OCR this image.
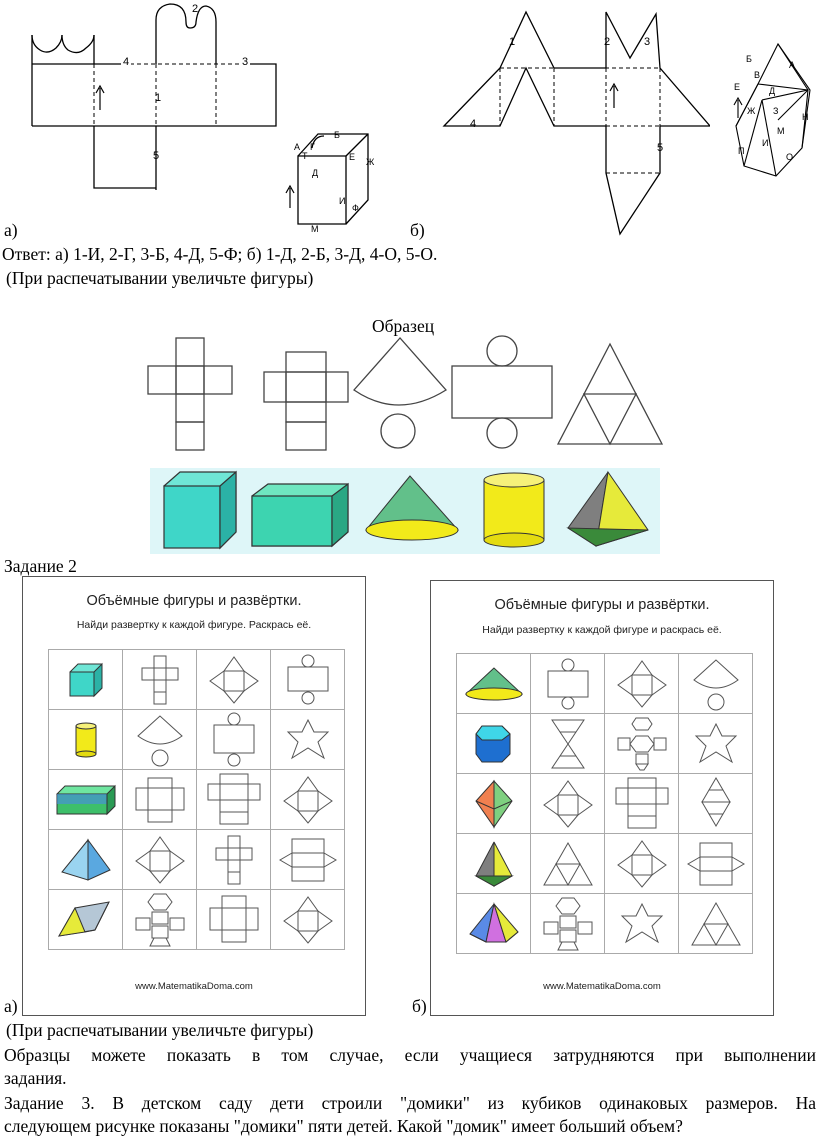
4	3
2
1
5
А
Б
Г
Т
Д
Е Ж
И
Ф
М
1	2	3
4
5
Б
А
В
Е	Д
Ж З
Н
М
И
П
О
а)	б)
Ответ: а) 1-И, 2-Г, 3-Б, 4-Д, 5-Ф; б) 1-Д, 2-Б, 3-Д, 4-О, 5-О.
(При распечатывании увеличьте фигуры)
Образец
Задание 2
Объёмные фигуры и развёртки.
Найди развертку к каждой фигуре. Раскрась её.

www.MatematikaDoma.com
Объёмные фигуры и развёртки.
Найди развертку к каждой фигуре и раскрась её.

www.MatematikaDoma.com
а)	б)
(При распечатывании увеличьте фигуры)
Образцы можете показать в том случае, если учащиеся затрудняются при выполнении
задания.
Задание 3. В детском саду дети строили "домики" из кубиков одинаковых размеров. На
следующем рисунке показаны "домики" пяти детей. Какой "домик" имеет больший объем?
